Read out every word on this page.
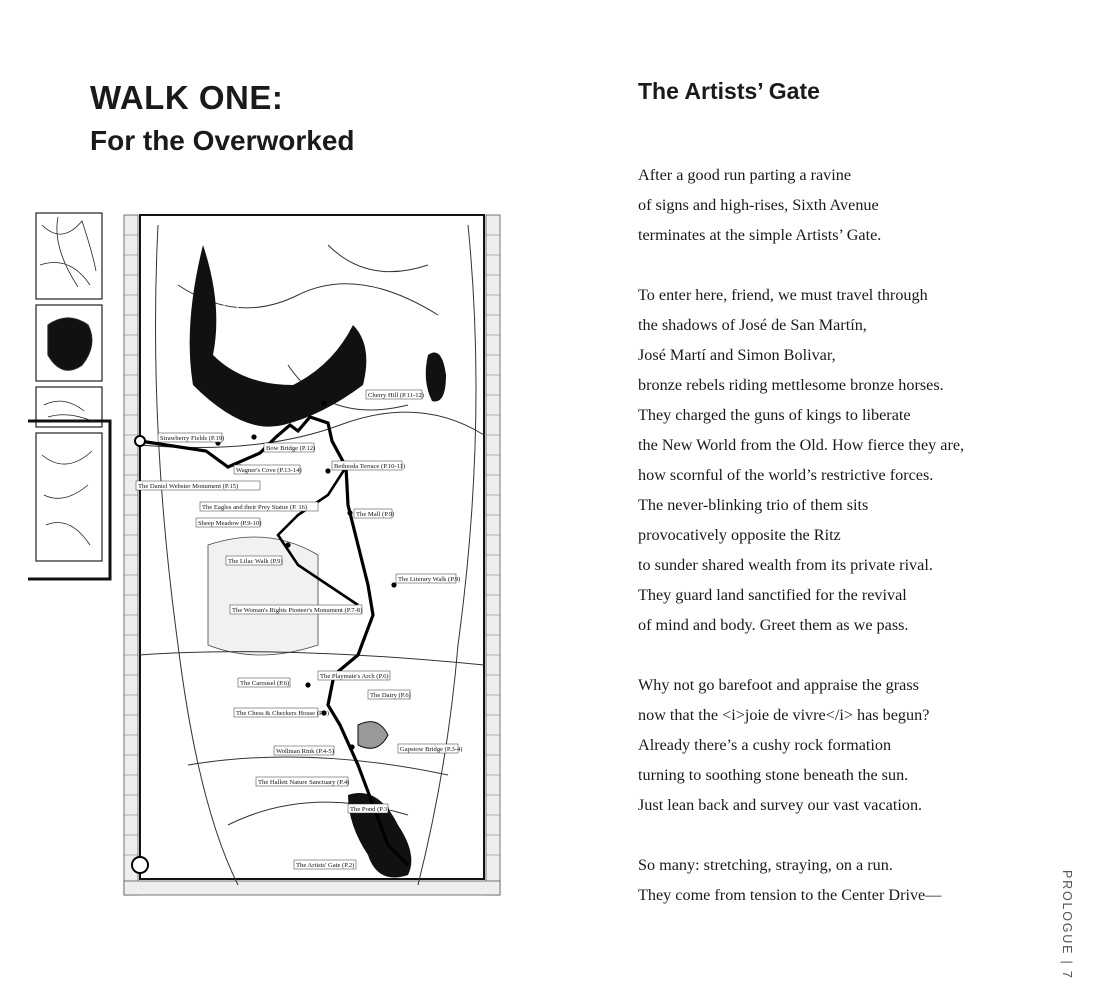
WALK ONE:
For the Overworked
Strawberry Fields (P.19)
Bow Bridge (P.12)
Cherry Hill (P.11-12)
Wagner's Cove (P.13-14)
Bethesda Terrace (P.10-11)
The Daniel Webster Monument (P.15)
The Eagles and their Prey Statue (P. 16)
The Mall (P.9)
Sheep Meadow (P.9-10)
The Lilac Walk (P.9)
The Literary Walk (P.9)
The Woman's Rights Pioneer's Monument (P.7-8)
The Carousel (P.6)
The Playmate's Arch (P.6)
The Dairy (P.6)
The Chess & Checkers House (P.5)
Wollman Rink (P.4-5)	Gapstow Bridge (P.3-4)
The Hallett Nature Sanctuary (P.4)
The Pond (P.3)
The Artists' Gate (P.2)
The Artists’ Gate
After a good run parting a ravine
of signs and high-rises, Sixth Avenue
terminates at the simple Artists’ Gate.
To enter here, friend, we must travel through
the shadows of José de San Martín,
José Martí and Simon Bolivar,
bronze rebels riding mettlesome bronze horses.
They charged the guns of kings to liberate
the New World from the Old. How fierce they are,
how scornful of the world’s restrictive forces.
The never-blinking trio of them sits
provocatively opposite the Ritz
to sunder shared wealth from its private rival.
They guard land sanctified for the revival
of mind and body. Greet them as we pass.
Why not go barefoot and appraise the grass
now that the <i>joie de vivre</i> has begun?
Already there’s a cushy rock formation
turning to soothing stone beneath the sun.
Just lean back and survey our vast vacation.
So many: stretching, straying, on a run.
They come from tension to the Center Drive—	PROLOGUE | 7
